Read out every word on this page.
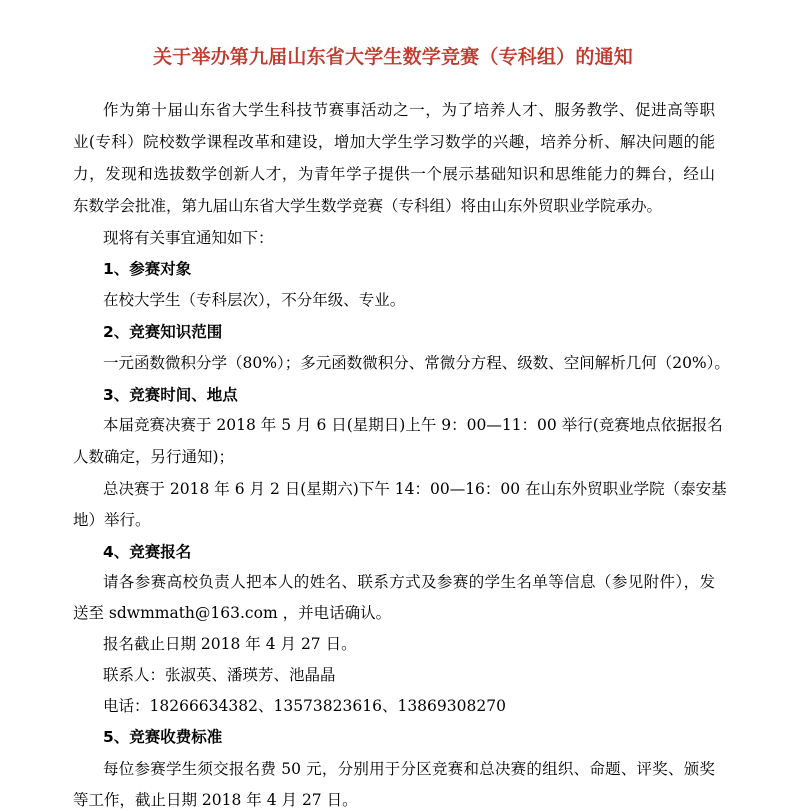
关于举办第九届山东省大学生数学竞赛（专科组）的通知
作为第十届山东省大学生科技节赛事活动之一，为了培养人才、服务教学、促进高等职
业(专科）院校数学课程改革和建设，增加大学生学习数学的兴趣，培养分析、解决问题的能
力，发现和选拔数学创新人才，为青年学子提供一个展示基础知识和思维能力的舞台，经山
东数学会批准，第九届山东省大学生数学竞赛（专科组）将由山东外贸职业学院承办。
现将有关事宜通知如下：
1、参赛对象
在校大学生（专科层次），不分年级、专业。
2、竞赛知识范围
一元函数微积分学（80%）；多元函数微积分、常微分方程、级数、空间解析几何（20%）。
3、竞赛时间、地点
本届竞赛决赛于 2018 年 5 月 6 日(星期日)上午 9：00—11：00 举行(竞赛地点依据报名
人数确定，另行通知)；
总决赛于 2018 年 6 月 2 日(星期六)下午 14：00—16：00 在山东外贸职业学院（泰安基
地）举行。
4、竞赛报名
请各参赛高校负责人把本人的姓名、联系方式及参赛的学生名单等信息（参见附件），发
送至 sdwmmath@163.com ，并电话确认。
报名截止日期 2018 年 4 月 27 日。
联系人：张淑英、潘瑛芳、池晶晶
电话：18266634382、13573823616、13869308270
5、竞赛收费标准
每位参赛学生须交报名费 50 元，分别用于分区竞赛和总决赛的组织、命题、评奖、颁奖
等工作，截止日期 2018 年 4 月 27 日。
